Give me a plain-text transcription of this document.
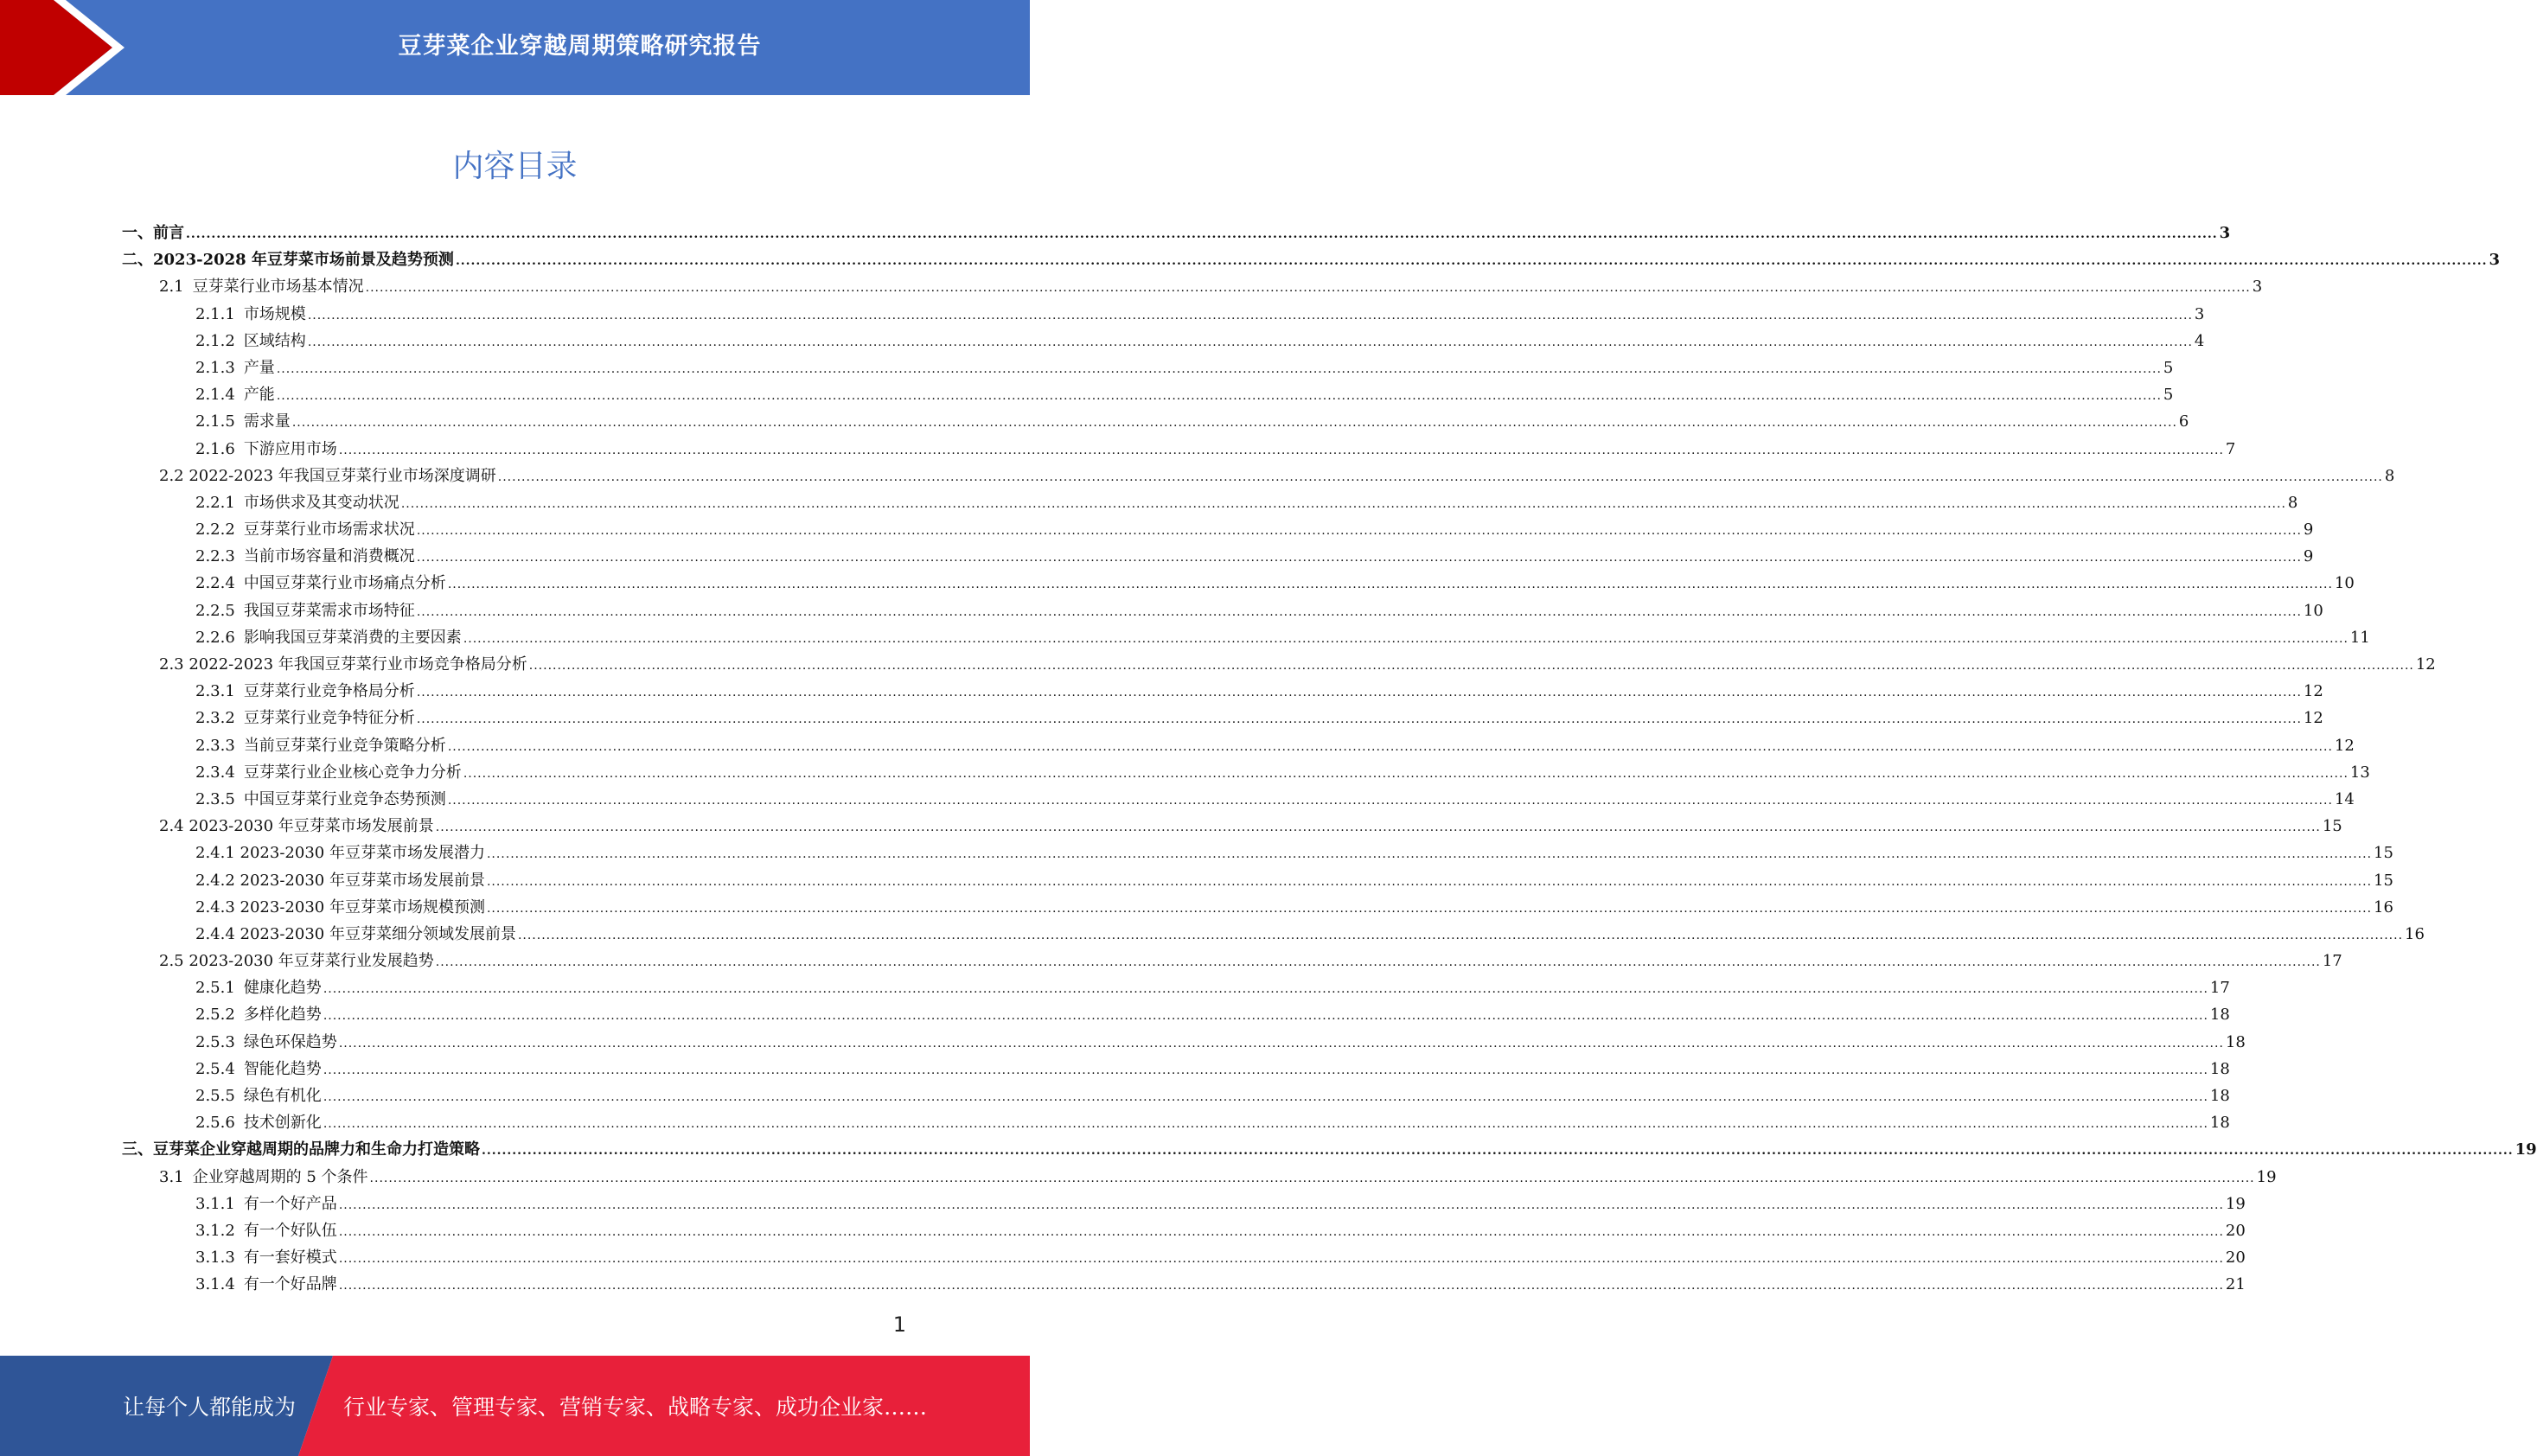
豆芽菜企业穿越周期策略研究报告
内容目录
一、前言 ................................................................................................................................................................................................................................................................................................................................................................................................................ 3
二、2023-2028 年豆芽菜市场前景及趋势预测 ................................................................................................................................................................................................................................................................................................................................................................................................................ 3
2.1 豆芽菜行业市场基本情况 ................................................................................................................................................................................................................................................................................................................................................................................................................ 3
2.1.1 市场规模 ................................................................................................................................................................................................................................................................................................................................................................................................................ 3
2.1.2 区域结构 ................................................................................................................................................................................................................................................................................................................................................................................................................ 4
2.1.3 产量 ................................................................................................................................................................................................................................................................................................................................................................................................................ 5
2.1.4 产能 ................................................................................................................................................................................................................................................................................................................................................................................................................ 5
2.1.5 需求量 ................................................................................................................................................................................................................................................................................................................................................................................................................ 6
2.1.6 下游应用市场 ................................................................................................................................................................................................................................................................................................................................................................................................................ 7
2.2 2022-2023 年我国豆芽菜行业市场深度调研 ................................................................................................................................................................................................................................................................................................................................................................................................................ 8
2.2.1 市场供求及其变动状况 ................................................................................................................................................................................................................................................................................................................................................................................................................ 8
2.2.2 豆芽菜行业市场需求状况 ................................................................................................................................................................................................................................................................................................................................................................................................................ 9
2.2.3 当前市场容量和消费概况 ................................................................................................................................................................................................................................................................................................................................................................................................................ 9
2.2.4 中国豆芽菜行业市场痛点分析 ................................................................................................................................................................................................................................................................................................................................................................................................................ 10
2.2.5 我国豆芽菜需求市场特征 ................................................................................................................................................................................................................................................................................................................................................................................................................ 10
2.2.6 影响我国豆芽菜消费的主要因素 ................................................................................................................................................................................................................................................................................................................................................................................................................ 11
2.3 2022-2023 年我国豆芽菜行业市场竞争格局分析 ................................................................................................................................................................................................................................................................................................................................................................................................................ 12
2.3.1 豆芽菜行业竞争格局分析 ................................................................................................................................................................................................................................................................................................................................................................................................................ 12
2.3.2 豆芽菜行业竞争特征分析 ................................................................................................................................................................................................................................................................................................................................................................................................................ 12
2.3.3 当前豆芽菜行业竞争策略分析 ................................................................................................................................................................................................................................................................................................................................................................................................................ 12
2.3.4 豆芽菜行业企业核心竞争力分析 ................................................................................................................................................................................................................................................................................................................................................................................................................ 13
2.3.5 中国豆芽菜行业竞争态势预测 ................................................................................................................................................................................................................................................................................................................................................................................................................ 14
2.4 2023-2030 年豆芽菜市场发展前景 ................................................................................................................................................................................................................................................................................................................................................................................................................ 15
2.4.1 2023-2030 年豆芽菜市场发展潜力 ................................................................................................................................................................................................................................................................................................................................................................................................................ 15
2.4.2 2023-2030 年豆芽菜市场发展前景 ................................................................................................................................................................................................................................................................................................................................................................................................................ 15
2.4.3 2023-2030 年豆芽菜市场规模预测 ................................................................................................................................................................................................................................................................................................................................................................................................................ 16
2.4.4 2023-2030 年豆芽菜细分领域发展前景 ................................................................................................................................................................................................................................................................................................................................................................................................................ 16
2.5 2023-2030 年豆芽菜行业发展趋势 ................................................................................................................................................................................................................................................................................................................................................................................................................ 17
2.5.1 健康化趋势 ................................................................................................................................................................................................................................................................................................................................................................................................................ 17
2.5.2 多样化趋势 ................................................................................................................................................................................................................................................................................................................................................................................................................ 18
2.5.3 绿色环保趋势 ................................................................................................................................................................................................................................................................................................................................................................................................................ 18
2.5.4 智能化趋势 ................................................................................................................................................................................................................................................................................................................................................................................................................ 18
2.5.5 绿色有机化 ................................................................................................................................................................................................................................................................................................................................................................................................................ 18
2.5.6 技术创新化 ................................................................................................................................................................................................................................................................................................................................................................................................................ 18
三、豆芽菜企业穿越周期的品牌力和生命力打造策略 ................................................................................................................................................................................................................................................................................................................................................................................................................ 19
3.1 企业穿越周期的 5 个条件 ................................................................................................................................................................................................................................................................................................................................................................................................................ 19
3.1.1 有一个好产品 ................................................................................................................................................................................................................................................................................................................................................................................................................ 19
3.1.2 有一个好队伍 ................................................................................................................................................................................................................................................................................................................................................................................................................ 20
3.1.3 有一套好模式 ................................................................................................................................................................................................................................................................................................................................................................................................................ 20
3.1.4 有一个好品牌 ................................................................................................................................................................................................................................................................................................................................................................................................................ 21
1
让每个人都能成为 行业专家、管理专家、营销专家、战略专家、成功企业家……
